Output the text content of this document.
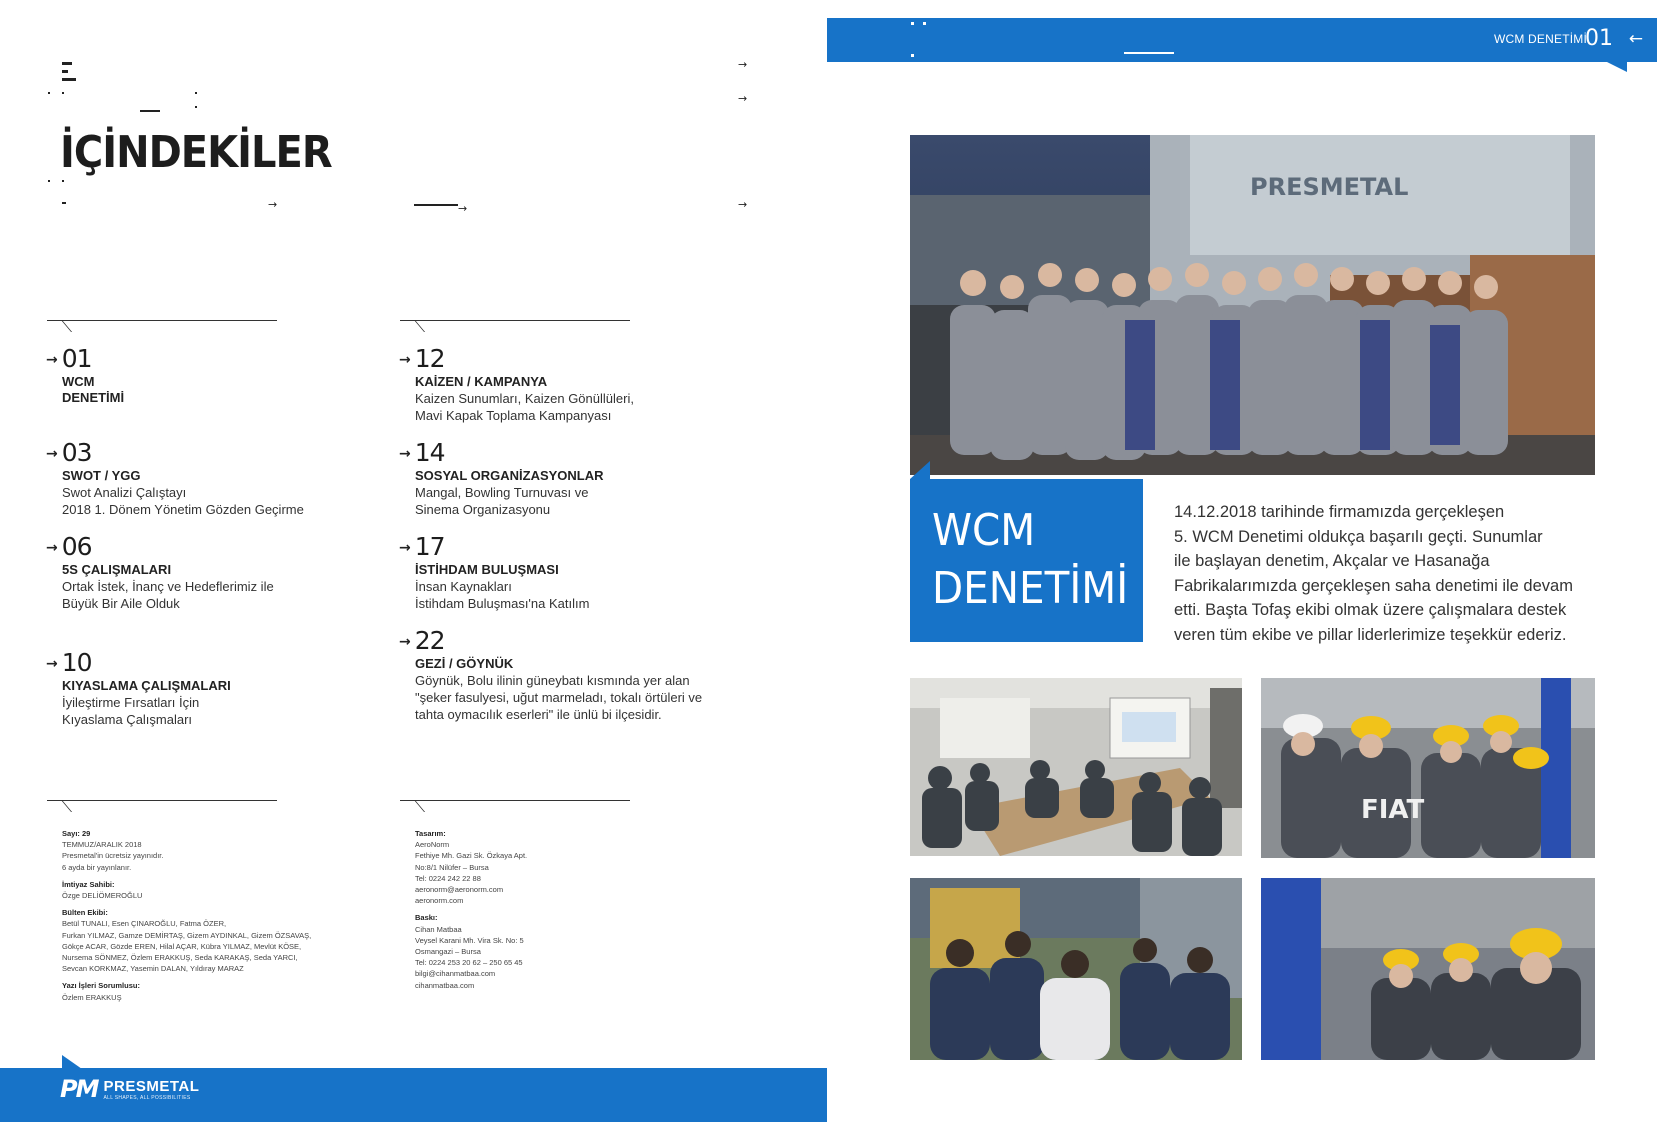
→
→
→
→	→
İÇİNDEKİLER
→ 01
WCM
DENETİMİ
→ 03
SWOT / YGG
Swot Analizi Çalıştayı
2018 1. Dönem Yönetim Gözden Geçirme
→ 06
5S ÇALIŞMALARI
Ortak İstek, İnanç ve Hedeflerimiz ile
Büyük Bir Aile Olduk
→ 10
KIYASLAMA ÇALIŞMALARI
İyileştirme Fırsatları İçin
Kıyaslama Çalışmaları
→ 12
KAİZEN / KAMPANYA
Kaizen Sunumları, Kaizen Gönüllüleri,
Mavi Kapak Toplama Kampanyası
→ 14
SOSYAL ORGANİZASYONLAR
Mangal, Bowling Turnuvası ve
Sinema Organizasyonu
→ 17
İSTİHDAM BULUŞMASI
İnsan Kaynakları
İstihdam Buluşması'na Katılım
→ 22
GEZİ / GÖYNÜK
Göynük, Bolu ilinin güneybatı kısmında yer alan
"şeker fasulyesi, uğut marmeladı, tokalı örtüleri ve
tahta oymacılık eserleri" ile ünlü bi ilçesidir.
Sayı: 29
TEMMUZ/ARALIK 2018
Presmetal'in ücretsiz yayınıdır.
6 ayda bir yayınlanır.
İmtiyaz Sahibi:
Özge DELİÖMEROĞLU
Bülten Ekibi:
Betül TUNALI, Esen ÇINAROĞLU, Fatma ÖZER,
Furkan YILMAZ, Gamze DEMİRTAŞ, Gizem AYDINKAL, Gizem ÖZSAVAŞ,
Gökçe ACAR, Gözde EREN, Hilal AÇAR, Kübra YILMAZ, Mevlüt KÖSE,
Nursema SÖNMEZ, Özlem ERAKKUŞ, Seda KARAKAŞ, Seda YARCI,
Sevcan KORKMAZ, Yasemin DALAN, Yıldıray MARAZ
Yazı İşleri Sorumlusu:
Özlem ERAKKUŞ
Tasarım:
AeroNorm
Fethiye Mh. Gazi Sk. Özkaya Apt.
No:8/1 Nilüfer – Bursa
Tel: 0224 242 22 88
aeronorm@aeronorm.com
aeronorm.com
Baskı:
Cihan Matbaa
Veysel Karani Mh. Vira Sk. No: 5
Osmangazi – Bursa
Tel: 0224 253 20 62 – 250 65 45
bilgi@cihanmatbaa.com
cihanmatbaa.com
PM PRESMETAL
ALL SHAPES, ALL POSSIBILITIES
WCM DENETİMİ
01 ←
PRESMETAL
WCM
DENETİMİ
14.12.2018 tarihinde firmamızda gerçekleşen
5. WCM Denetimi oldukça başarılı geçti. Sunumlar
ile başlayan denetim, Akçalar ve Hasanağa
Fabrikalarımızda gerçekleşen saha denetimi ile devam
etti. Başta Tofaş ekibi olmak üzere çalışmalara destek
veren tüm ekibe ve pillar liderlerimize teşekkür ederiz.
FIAT
